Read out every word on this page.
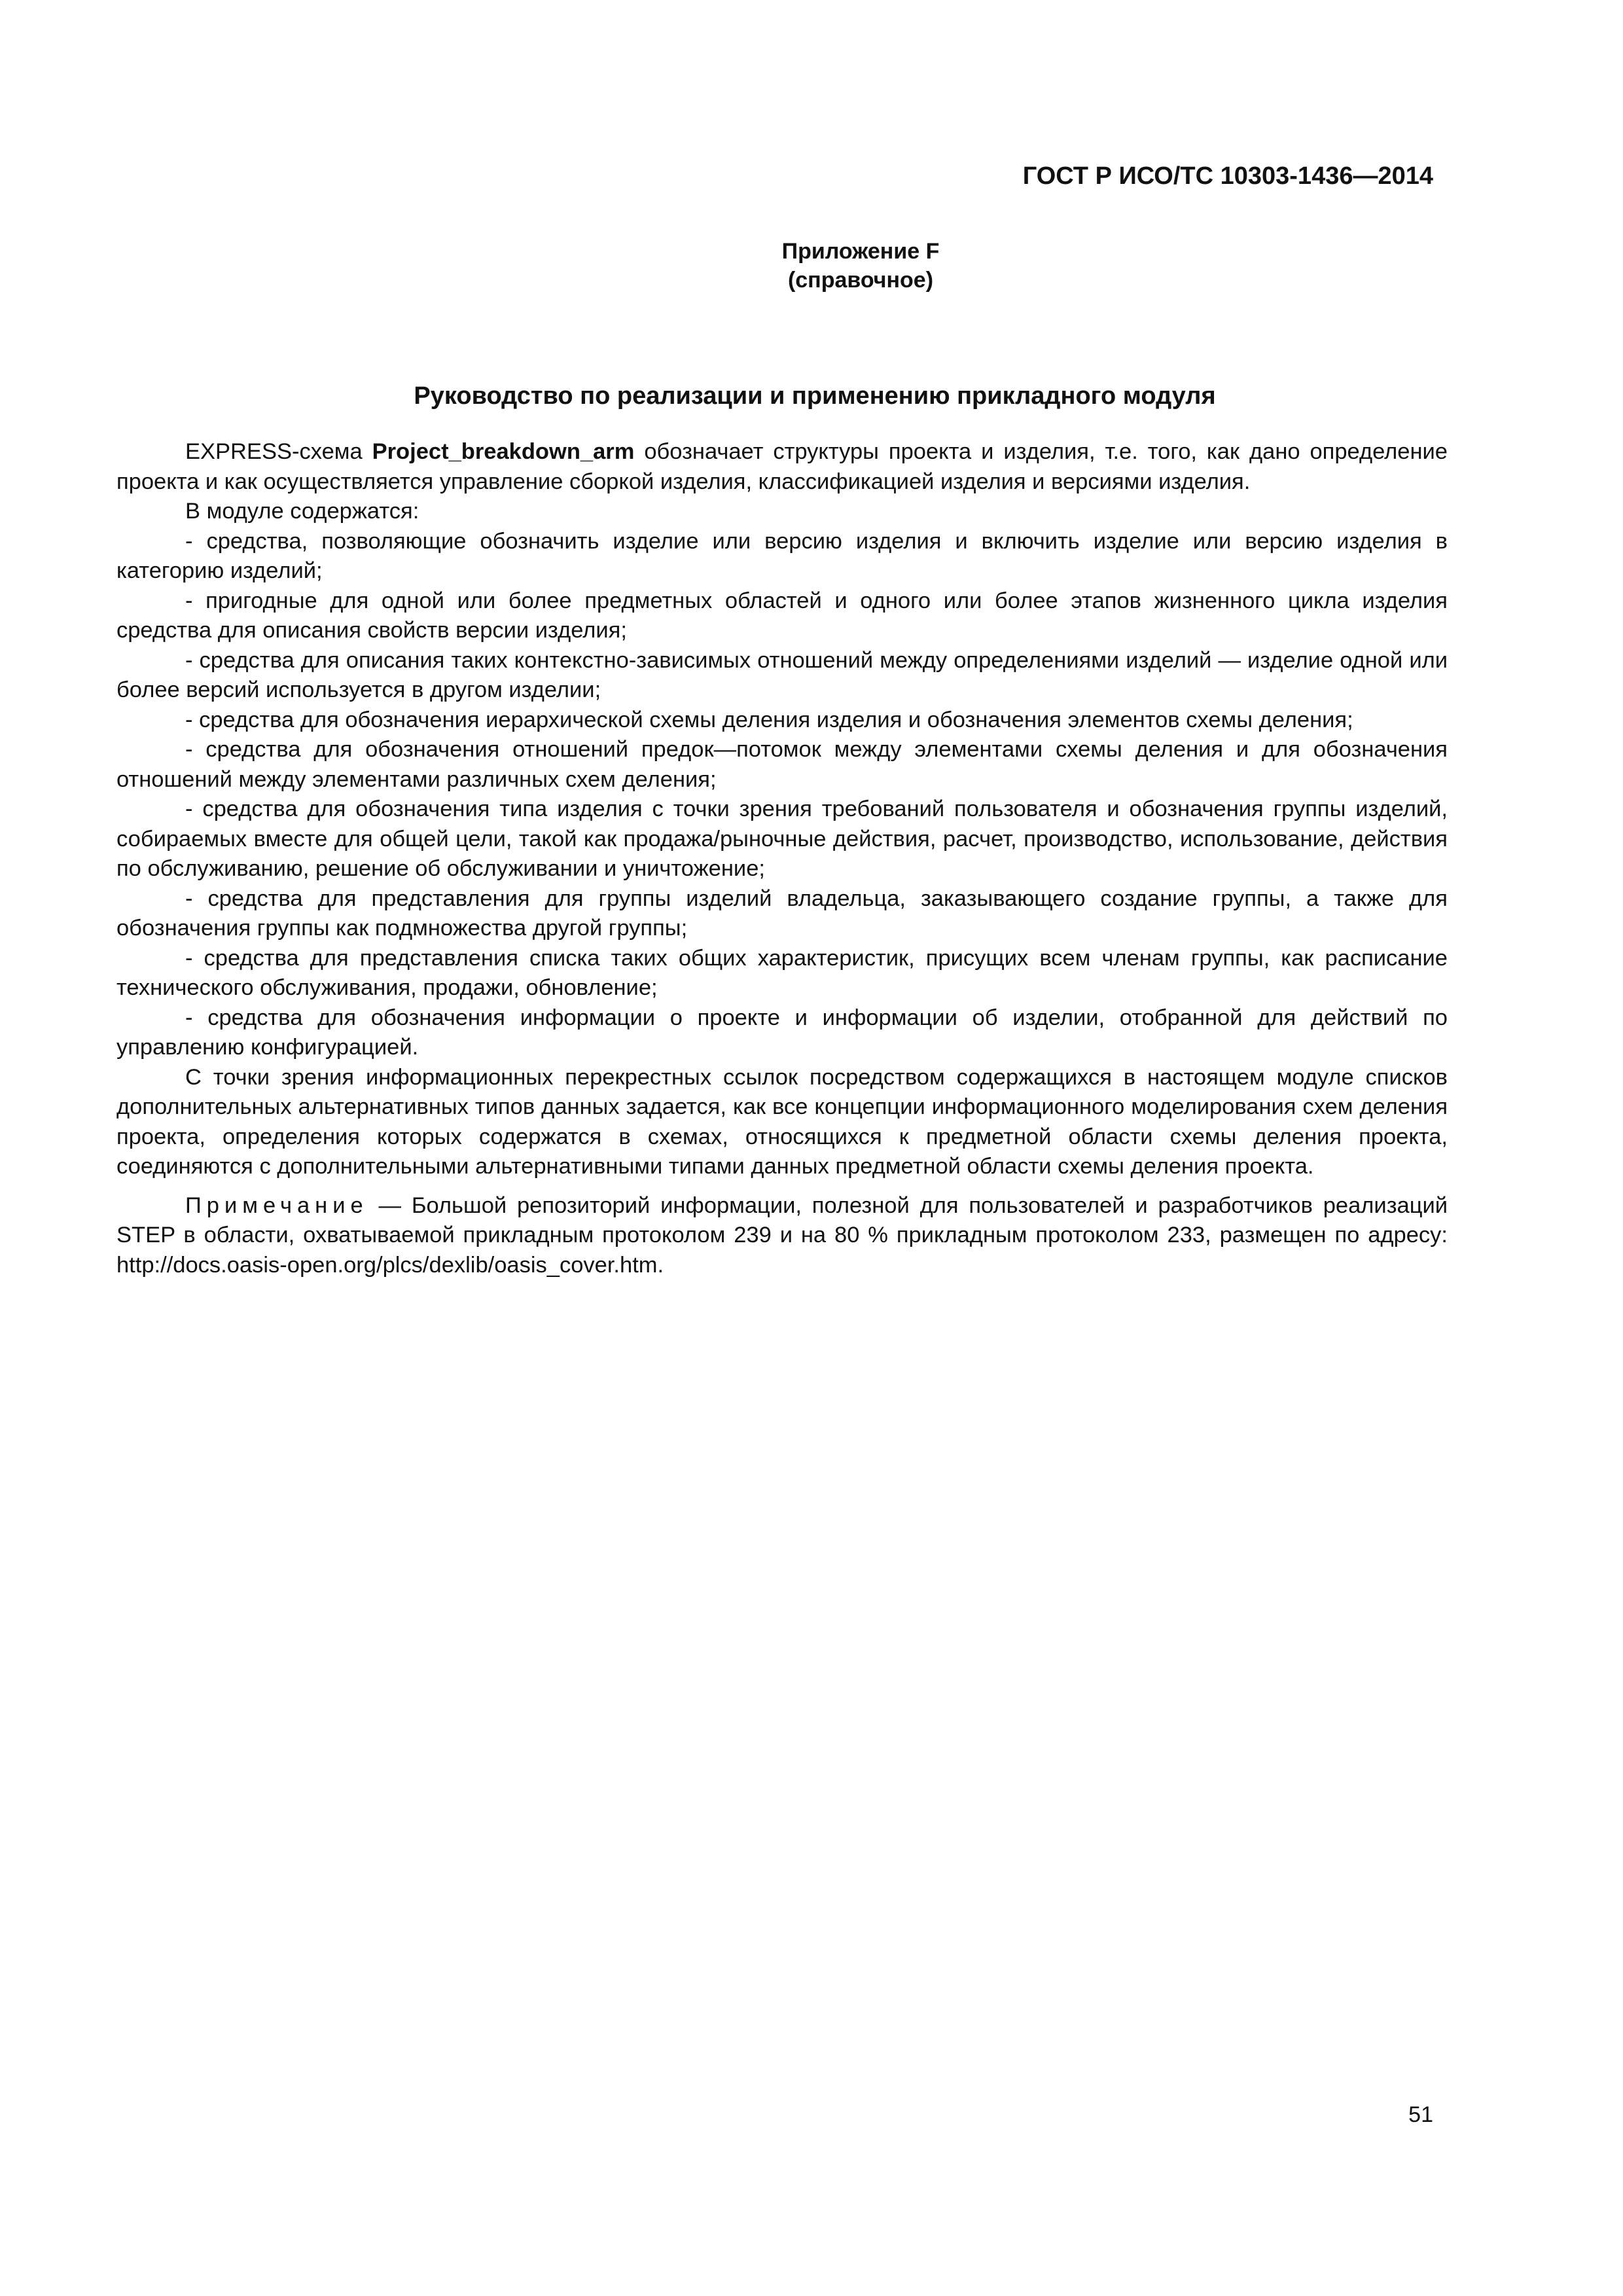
ГОСТ Р ИСО/ТС 10303-1436—2014
Приложение F
(справочное)
Руководство по реализации и применению прикладного модуля

EXPRESS-схема Project_breakdown_arm обозначает структуры проекта и изделия, т.е. того, как дано определение проекта и как осуществляется управление сборкой изделия, классификацией изделия и версиями изделия.

В модуле содержатся:

- средства, позволяющие обозначить изделие или версию изделия и включить изделие или версию изделия в категорию изделий;

- пригодные для одной или более предметных областей и одного или более этапов жизненного цикла изделия средства для описания свойств версии изделия;

- средства для описания таких контекстно-зависимых отношений между определениями изделий — изделие одной или более версий используется в другом изделии;

- средства для обозначения иерархической схемы деления изделия и обозначения элементов схемы деления;

- средства для обозначения отношений предок—потомок между элементами схемы деления и для обозначения отношений между элементами различных схем деления;

- средства для обозначения типа изделия с точки зрения требований пользователя и обозначения группы изделий, собираемых вместе для общей цели, такой как продажа/рыночные действия, расчет, производство, использование, действия по обслуживанию, решение об обслуживании и уничтожение;

- средства для представления для группы изделий владельца, заказывающего создание группы, а также для обозначения группы как подмножества другой группы;

- средства для представления списка таких общих характеристик, присущих всем членам группы, как расписание технического обслуживания, продажи, обновление;

- средства для обозначения информации о проекте и информации об изделии, отобранной для действий по управлению конфигурацией.

С точки зрения информационных перекрестных ссылок посредством содержащихся в настоящем модуле списков дополнительных альтернативных типов данных задается, как все концепции информационного моделирования схем деления проекта, определения которых содержатся в схемах, относящихся к предметной области схемы деления проекта, соединяются с дополнительными альтернативными типами данных предметной области схемы деления проекта.

Примечание — Большой репозиторий информации, полезной для пользователей и разработчиков реализаций STEP в области, охватываемой прикладным протоколом 239 и на 80 % прикладным протоколом 233, размещен по адресу: http://docs.oasis-open.org/plcs/dexlib/oasis_cover.htm.

51
